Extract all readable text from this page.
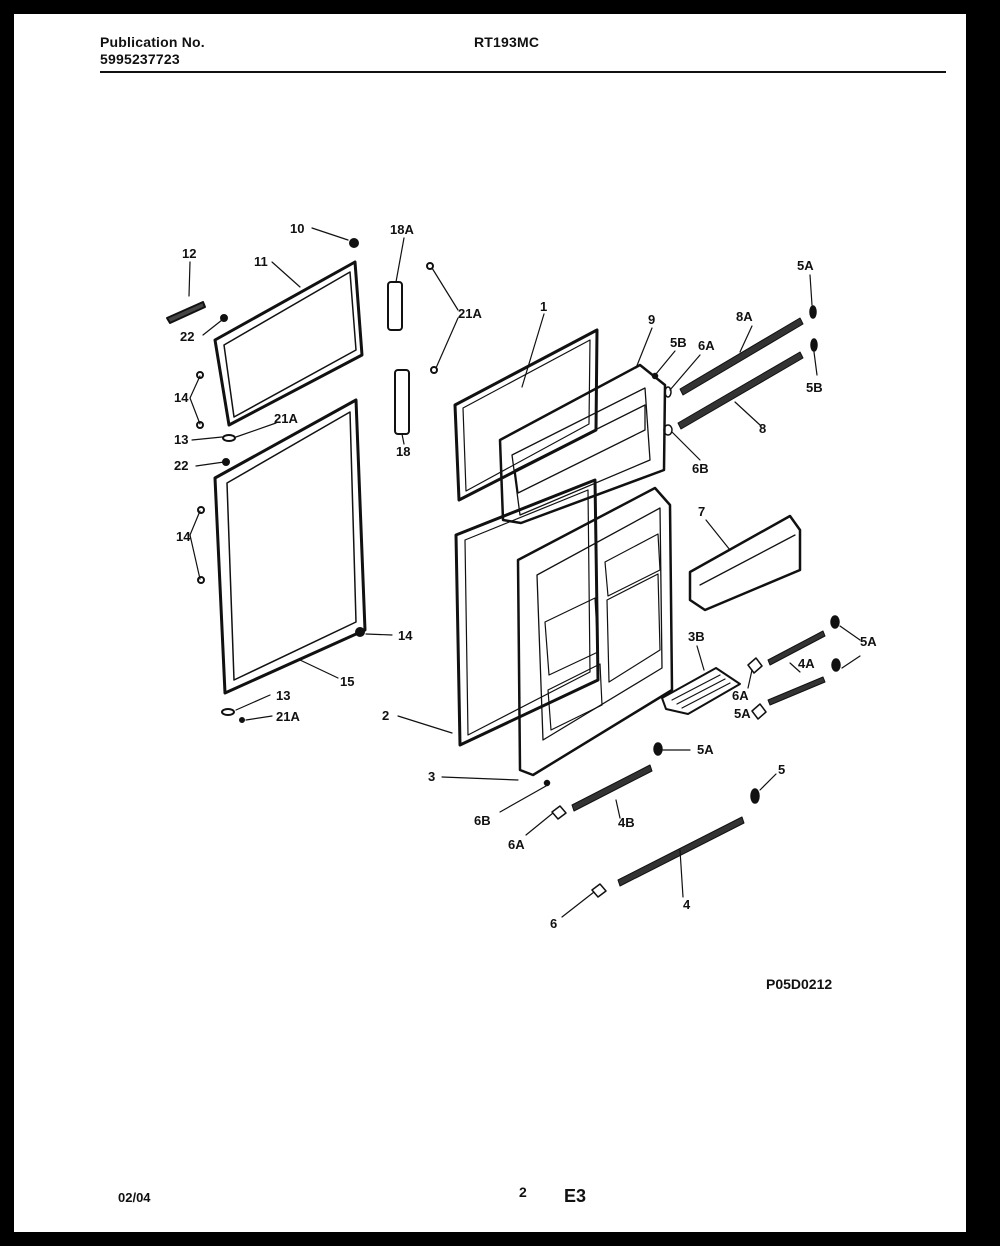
Publication No.
5995237723
RT193MC
10
12
11
18A
21A
22
14
13
21A
22
18
14
14
15
13
21A
1
9
5B 6A
8A
5A
5B
8
6B
7
3B	5A
4A
6A
5A
2
3
5A
5
6B	4B
6A
4
6
P05D0212
02/04	2 E3
